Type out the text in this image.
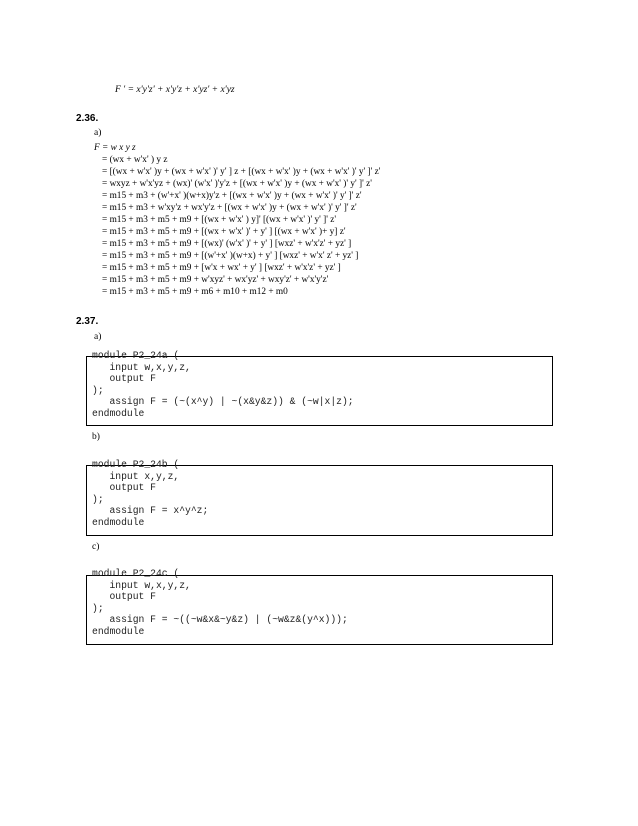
F ' = x'y'z' + x'y'z + x'yz' + x'yz
2.36.
a)
F = w x y z
= (wx + w'x' ) y z
= [(wx + w'x' )y + (wx + w'x' )' y' ] z + [(wx + w'x' )y + (wx + w'x' )' y' ]' z'
= wxyz + w'x'yz + (wx)' (w'x' )'y'z + [(wx + w'x' )y + (wx + w'x' )' y' ]' z'
= m15 + m3 + (w'+x' )(w+x)y'z + [(wx + w'x' )y + (wx + w'x' )' y' ]' z'
= m15 + m3 + w'xy'z + wx'y'z + [(wx + w'x' )y + (wx + w'x' )' y' ]' z'
= m15 + m3 + m5 + m9 + [(wx + w'x' ) y]' [(wx + w'x' )' y' ]' z'
= m15 + m3 + m5 + m9 + [(wx + w'x' )' + y' ] [(wx + w'x' )+ y] z'
= m15 + m3 + m5 + m9 + [(wx)' (w'x' )' + y' ] [wxz' + w'x'z' + yz' ]
= m15 + m3 + m5 + m9 + [(w'+x' )(w+x) + y' ] [wxz' + w'x' z' + yz' ]
= m15 + m3 + m5 + m9 + [w'x + wx' + y' ] [wxz' + w'x'z' + yz' ]
= m15 + m3 + m5 + m9 + w'xyz' + wx'yz' + wxy'z' + w'x'y'z'
= m15 + m3 + m5 + m9 + m6 + m10 + m12 + m0
2.37.
a)
module P2_24a (
input w,x,y,z,
output F
);
assign F = (~(x^y) | ~(x&y&z)) & (~w|x|z);
endmodule
b)
module P2_24b (
input x,y,z,
output F
);
assign F = x^y^z;
endmodule
c)
module P2_24c (
input w,x,y,z,
output F
);
assign F = ~((~w&x&~y&z) | (~w&z&(y^x)));
endmodule
